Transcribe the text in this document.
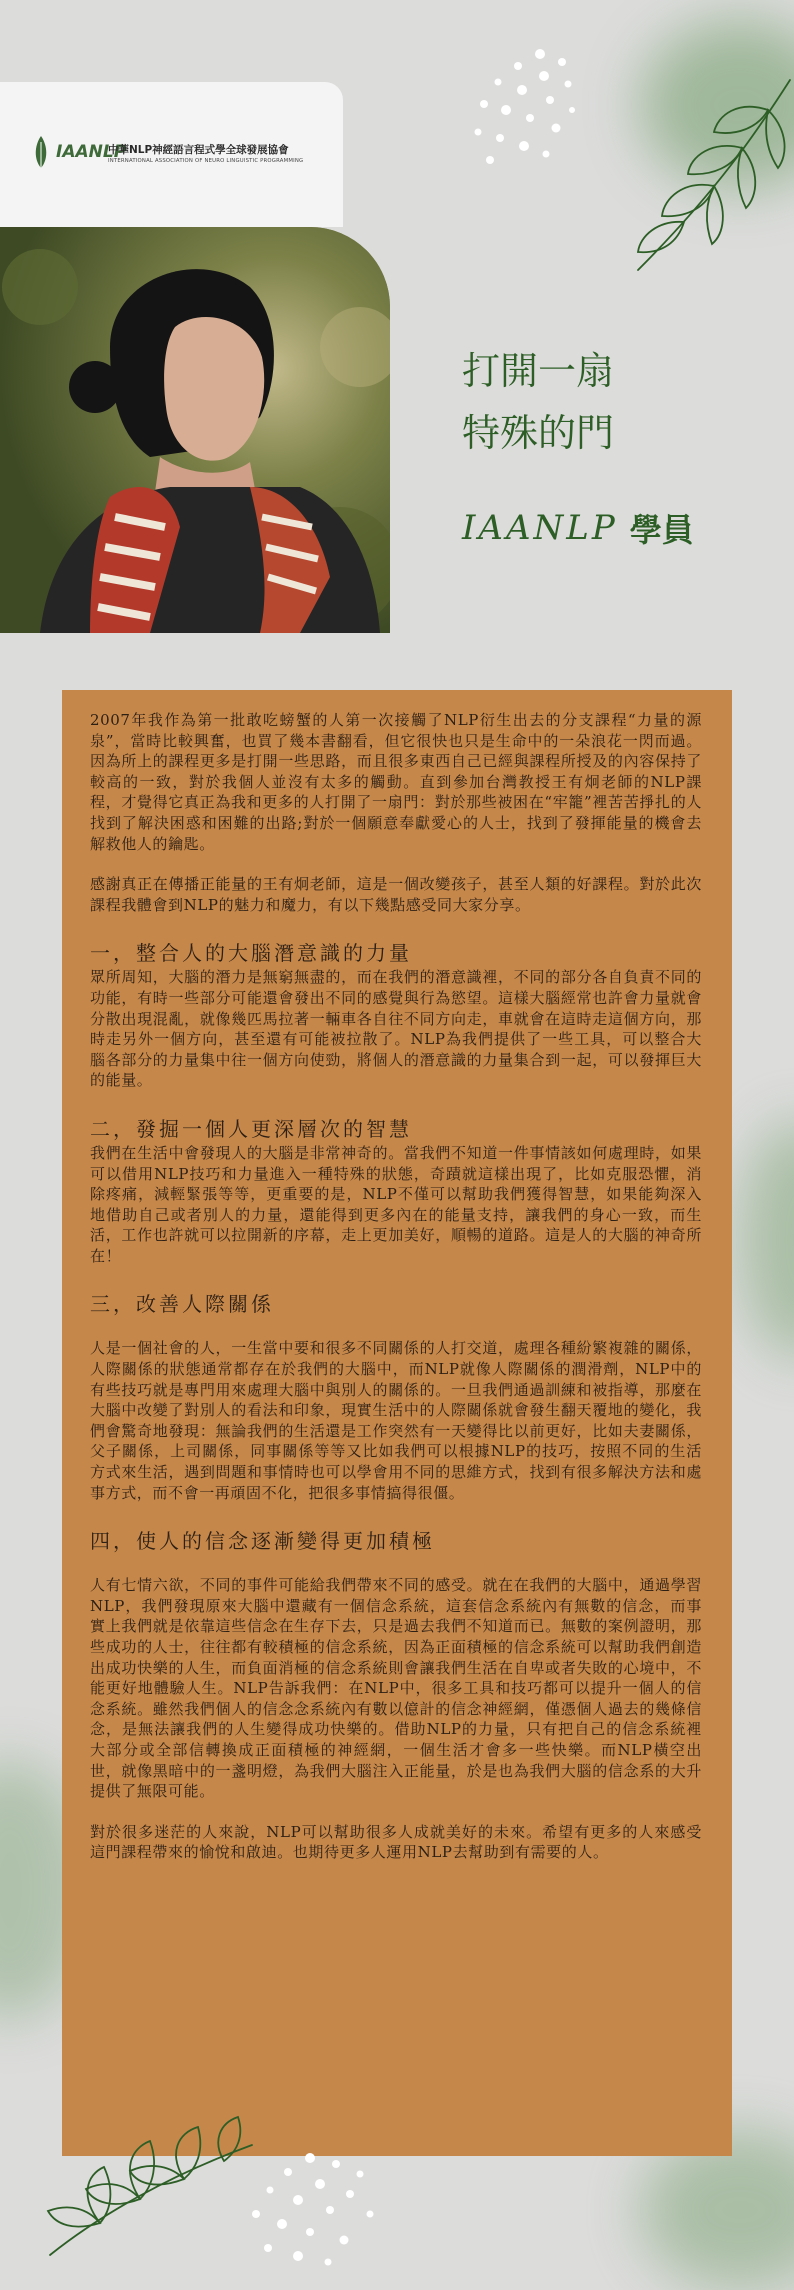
IAANLP
中華NLP神經語言程式學全球發展協會
INTERNATIONAL ASSOCIATION OF NEURO LINGUISTIC PROGRAMMING
打開一扇
特殊的門
IAANLP 學員

2007年我作為第一批敢吃螃蟹的人第一次接觸了NLP衍生出去的分支課程“力量的源泉”，當時比較興奮，也買了幾本書翻看，但它很快也只是生命中的一朵浪花一閃而過。因為所上的課程更多是打開一些思路，而且很多東西自己已經與課程所授及的內容保持了較高的一致，對於我個人並沒有太多的觸動。直到參加台灣教授王有炯老師的NLP課程，才覺得它真正為我和更多的人打開了一扇門：對於那些被困在“牢籠”裡苦苦掙扎的人找到了解決困惑和困難的出路;對於一個願意奉獻愛心的人士，找到了發揮能量的機會去解救他人的鑰匙。

感謝真正在傳播正能量的王有炯老師，這是一個改變孩子，甚至人類的好課程。對於此次課程我體會到NLP的魅力和魔力，有以下幾點感受同大家分享。

一，整合人的大腦潛意識的力量

眾所周知，大腦的潛力是無窮無盡的，而在我們的潛意識裡，不同的部分各自負責不同的功能，有時一些部分可能還會發出不同的感覺與行為慾望。這樣大腦經常也許會力量就會分散出現混亂，就像幾匹馬拉著一輛車各自往不同方向走，車就會在這時走這個方向，那時走另外一個方向，甚至還有可能被拉散了。NLP為我們提供了一些工具，可以整合大腦各部分的力量集中往一個方向使勁，將個人的潛意識的力量集合到一起，可以發揮巨大的能量。

二，發掘一個人更深層次的智慧

我們在生活中會發現人的大腦是非常神奇的。當我們不知道一件事情該如何處理時，如果可以借用NLP技巧和力量進入一種特殊的狀態，奇蹟就這樣出現了，比如克服恐懼，消除疼痛，減輕緊張等等，更重要的是，NLP不僅可以幫助我們獲得智慧，如果能夠深入地借助自己或者別人的力量，還能得到更多內在的能量支持，讓我們的身心一致，而生活，工作也許就可以拉開新的序幕，走上更加美好，順暢的道路。這是人的大腦的神奇所在！

三，改善人際關係

人是一個社會的人，一生當中要和很多不同關係的人打交道，處理各種紛繁複雜的關係，人際關係的狀態通常都存在於我們的大腦中，而NLP就像人際關係的潤滑劑，NLP中的有些技巧就是專門用來處理大腦中與別人的關係的。一旦我們通過訓練和被指導，那麼在大腦中改變了對別人的看法和印象，現實生活中的人際關係就會發生翻天覆地的變化，我們會驚奇地發現：無論我們的生活還是工作突然有一天變得比以前更好，比如夫妻關係，父子關係，上司關係，同事關係等等又比如我們可以根據NLP的技巧，按照不同的生活方式來生活，遇到問題和事情時也可以學會用不同的思維方式，找到有很多解決方法和處事方式，而不會一再頑固不化，把很多事情搞得很僵。

四，使人的信念逐漸變得更加積極

人有七情六欲，不同的事件可能給我們帶來不同的感受。就在在我們的大腦中，通過學習NLP，我們發現原來大腦中還藏有一個信念系統，這套信念系統內有無數的信念，而事實上我們就是依靠這些信念在生存下去，只是過去我們不知道而已。無數的案例證明，那些成功的人士，往往都有較積極的信念系統，因為正面積極的信念系統可以幫助我們創造出成功快樂的人生，而負面消極的信念系統則會讓我們生活在自卑或者失敗的心境中，不能更好地體驗人生。NLP告訴我們：在NLP中，很多工具和技巧都可以提升一個人的信念系統。雖然我們個人的信念念系統內有數以億計的信念神經網，僅憑個人過去的幾條信念，是無法讓我們的人生變得成功快樂的。借助NLP的力量，只有把自己的信念系統裡大部分或全部信轉換成正面積極的神經網，一個生活才會多一些快樂。而NLP橫空出世，就像黑暗中的一盞明燈，為我們大腦注入正能量，於是也為我們大腦的信念系的大升提供了無限可能。

對於很多迷茫的人來說，NLP可以幫助很多人成就美好的未來。希望有更多的人來感受這門課程帶來的愉悅和啟迪。也期待更多人運用NLP去幫助到有需要的人。
